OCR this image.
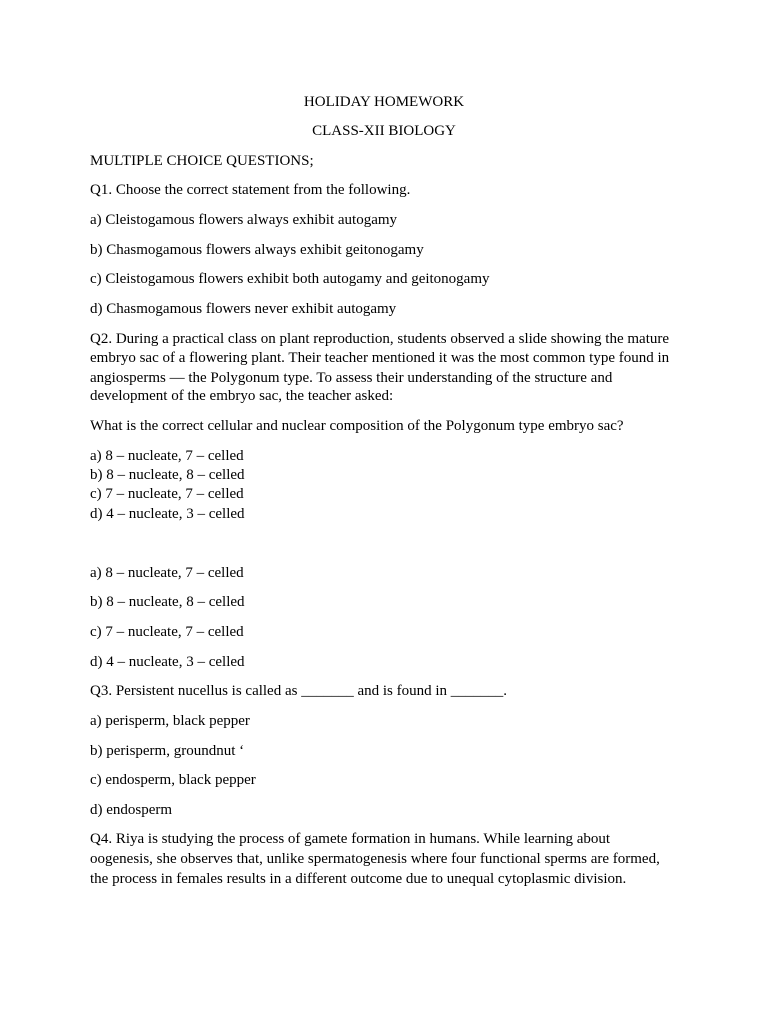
HOLIDAY HOMEWORK
CLASS-XII BIOLOGY
MULTIPLE CHOICE QUESTIONS;
Q1. Choose the correct statement from the following.
a) Cleistogamous flowers always exhibit autogamy
b) Chasmogamous flowers always exhibit geitonogamy
c) Cleistogamous flowers exhibit both autogamy and geitonogamy
d) Chasmogamous flowers never exhibit autogamy
Q2. During a practical class on plant reproduction, students observed a slide showing the mature
embryo sac of a flowering plant. Their teacher mentioned it was the most common type found in
angiosperms — the Polygonum type. To assess their understanding of the structure and
development of the embryo sac, the teacher asked:
What is the correct cellular and nuclear composition of the Polygonum type embryo sac?
a) 8 – nucleate, 7 – celled
b) 8 – nucleate, 8 – celled
c) 7 – nucleate, 7 – celled
d) 4 – nucleate, 3 – celled
a) 8 – nucleate, 7 – celled
b) 8 – nucleate, 8 – celled
c) 7 – nucleate, 7 – celled
d) 4 – nucleate, 3 – celled
Q3. Persistent nucellus is called as _______ and is found in _______.
a) perisperm, black pepper
b) perisperm, groundnut ‘
c) endosperm, black pepper
d) endosperm
Q4. Riya is studying the process of gamete formation in humans. While learning about
oogenesis, she observes that, unlike spermatogenesis where four functional sperms are formed,
the process in females results in a different outcome due to unequal cytoplasmic division.
